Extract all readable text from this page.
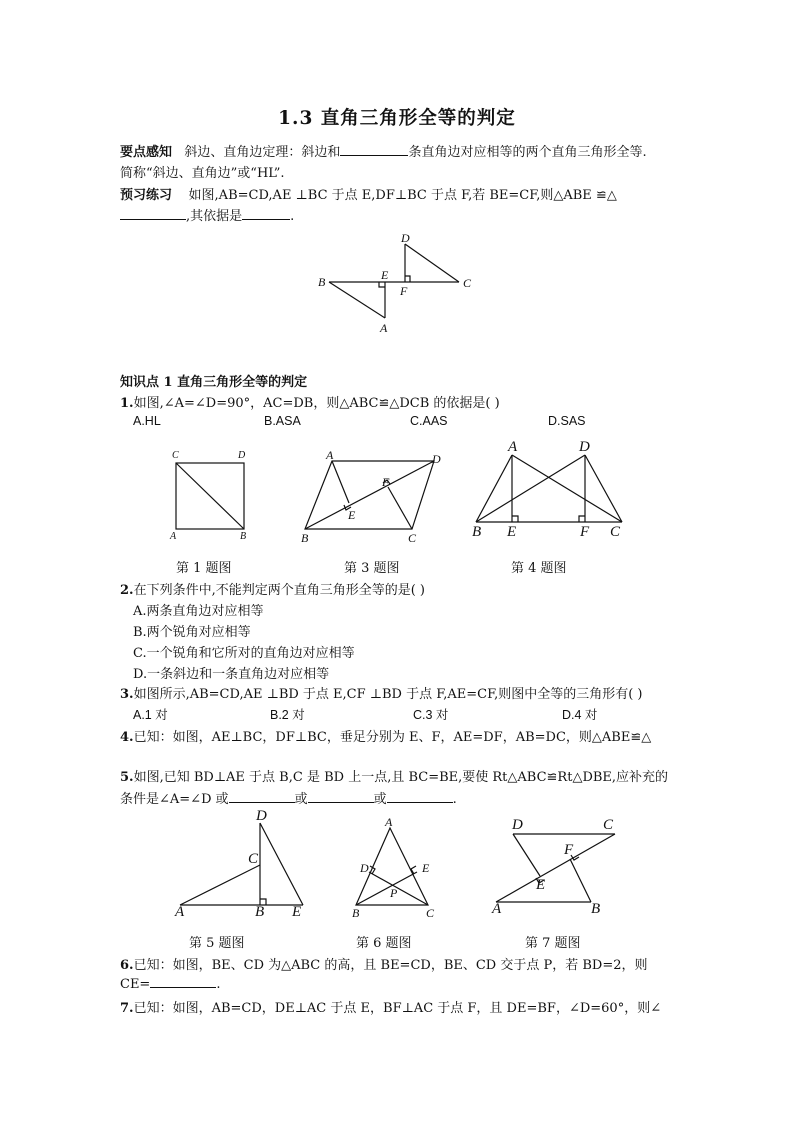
1.3 直角三角形全等的判定
要点感知 斜边、直角边定理：斜边和	条直角边对应相等的两个直角三角形全等.
简称“斜边、直角边”或“HL”.
预习练习 如图,AB=CD,AE ⊥BC 于点 E,DF⊥BC 于点 F,若 BE=CF,则△ABE ≌△
,其依据是	.
D
E
B
F
C
A
知识点 1 直角三角形全等的判定
1.如图,∠A=∠D=90°，AC=DB，则△ABC≌△DCB 的依据是( )
A.HL	B.ASA	C.AAS	D.SAS
C	D
A	B
第 1 题图
A	D
F
E
B	C
第 3 题图
A	D
B E	F C
第 4 题图
2.在下列条件中,不能判定两个直角三角形全等的是( )
A.两条直角边对应相等
B.两个锐角对应相等
C.一个锐角和它所对的直角边对应相等
D.一条斜边和一条直角边对应相等
3.如图所示,AB=CD,AE ⊥BD 于点 E,CF ⊥BD 于点 F,AE=CF,则图中全等的三角形有( )
A.1 对	B.2 对	C.3 对	D.4 对
4.已知：如图，AE⊥BC，DF⊥BC，垂足分别为 E、F，AE=DF，AB=DC，则△ABE≌△
5.如图,已知 BD⊥AE 于点 B,C 是 BD 上一点,且 BC=BE,要使 Rt△ABC≌Rt△DBE,应补充的
条件是∠A=∠D 或	或	或	.
D
C
A	B E
第 5 题图
A
D	E
P
B	C
第 6 题图
D	C
F
E
A	B
第 7 题图
6.已知：如图，BE、CD 为△ABC 的高，且 BE=CD，BE、CD 交于点 P，若 BD=2，则
CE=	.
7.已知：如图，AB=CD，DE⊥AC 于点 E，BF⊥AC 于点 F，且 DE=BF，∠D=60°，则∠
